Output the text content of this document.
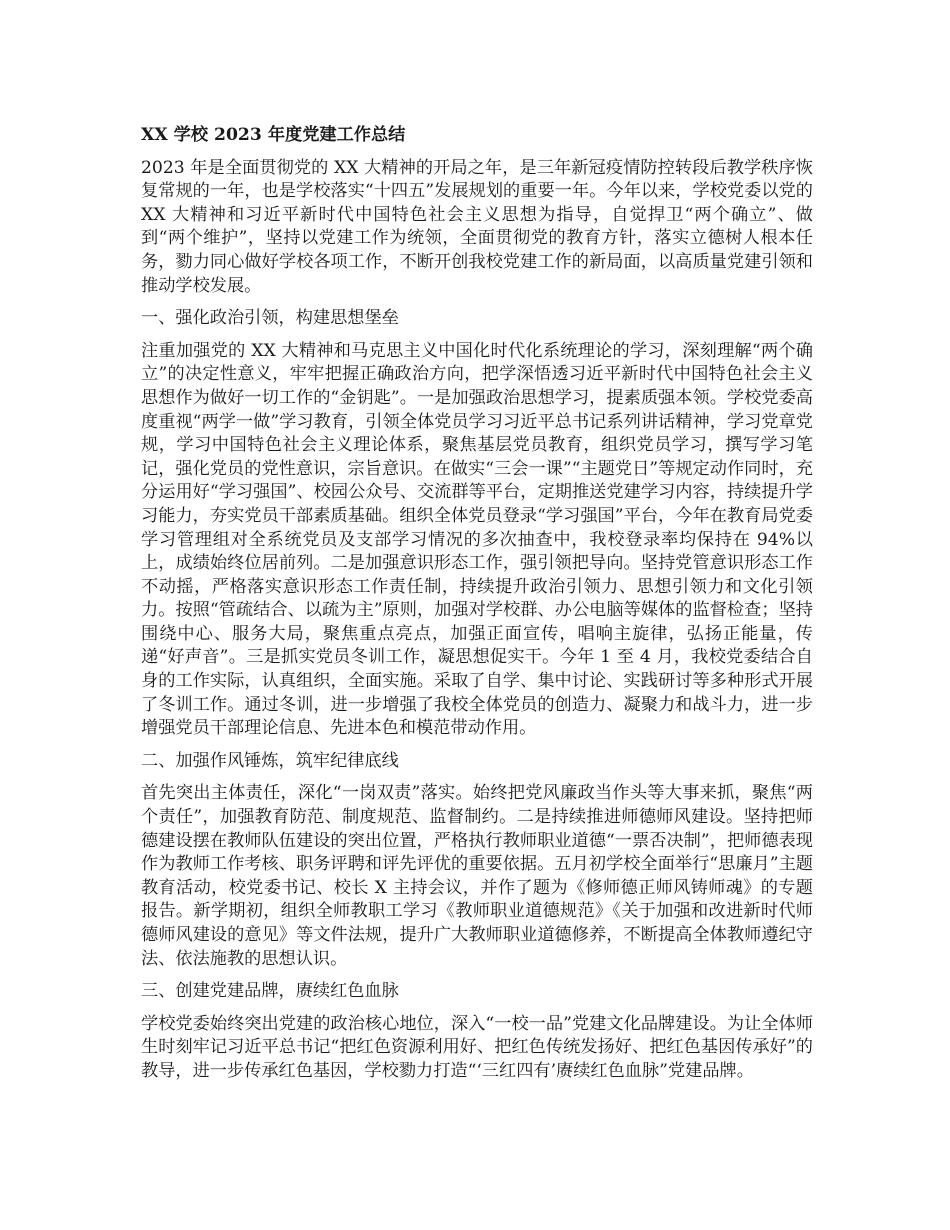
XX 学校 2023 年度党建工作总结
2023 年是全面贯彻党的 XX 大精神的开局之年，是三年新冠疫情防控转段后教学秩序恢复常规的一年，也是学校落实“十四五”发展规划的重要一年。今年以来，学校党委以党的 XX 大精神和习近平新时代中国特色社会主义思想为指导，自觉捍卫“两个确立”、做到“两个维护”，坚持以党建工作为统领，全面贯彻党的教育方针，落实立德树人根本任务，勠力同心做好学校各项工作，不断开创我校党建工作的新局面，以高质量党建引领和推动学校发展。
一、强化政治引领，构建思想堡垒
注重加强党的 XX 大精神和马克思主义中国化时代化系统理论的学习，深刻理解“两个确立”的决定性意义，牢牢把握正确政治方向，把学深悟透习近平新时代中国特色社会主义思想作为做好一切工作的“金钥匙”。一是加强政治思想学习，提素质强本领。学校党委高度重视“两学一做”学习教育，引领全体党员学习习近平总书记系列讲话精神，学习党章党规，学习中国特色社会主义理论体系，聚焦基层党员教育，组织党员学习，撰写学习笔记，强化党员的党性意识，宗旨意识。在做实“三会一课”“主题党日”等规定动作同时，充分运用好“学习强国”、校园公众号、交流群等平台，定期推送党建学习内容，持续提升学习能力，夯实党员干部素质基础。组织全体党员登录“学习强国”平台，今年在教育局党委学习管理组对全系统党员及支部学习情况的多次抽查中，我校登录率均保持在 94%以上，成绩始终位居前列。二是加强意识形态工作，强引领把导向。坚持党管意识形态工作不动摇，严格落实意识形态工作责任制，持续提升政治引领力、思想引领力和文化引领力。按照“管疏结合、以疏为主”原则，加强对学校群、办公电脑等媒体的监督检查；坚持围绕中心、服务大局，聚焦重点亮点，加强正面宣传，唱响主旋律，弘扬正能量，传递“好声音”。三是抓实党员冬训工作，凝思想促实干。今年 1 至 4 月，我校党委结合自身的工作实际，认真组织，全面实施。采取了自学、集中讨论、实践研讨等多种形式开展了冬训工作。通过冬训，进一步增强了我校全体党员的创造力、凝聚力和战斗力，进一步增强党员干部理论信息、先进本色和模范带动作用。
二、加强作风锤炼，筑牢纪律底线
首先突出主体责任，深化“一岗双责”落实。始终把党风廉政当作头等大事来抓，聚焦“两个责任”，加强教育防范、制度规范、监督制约。二是持续推进师德师风建设。坚持把师德建设摆在教师队伍建设的突出位置，严格执行教师职业道德“一票否决制”，把师德表现作为教师工作考核、职务评聘和评先评优的重要依据。五月初学校全面举行“思廉月”主题教育活动，校党委书记、校长 X 主持会议，并作了题为《修师德正师风铸师魂》的专题报告。新学期初，组织全师教职工学习《教师职业道德规范》《关于加强和改进新时代师德师风建设的意见》等文件法规，提升广大教师职业道德修养，不断提高全体教师遵纪守法、依法施教的思想认识。
三、创建党建品牌，赓续红色血脉
学校党委始终突出党建的政治核心地位，深入“一校一品”党建文化品牌建设。为让全体师生时刻牢记习近平总书记“把红色资源利用好、把红色传统发扬好、把红色基因传承好”的教导，进一步传承红色基因，学校勠力打造“‘三红四有’赓续红色血脉”党建品牌。
